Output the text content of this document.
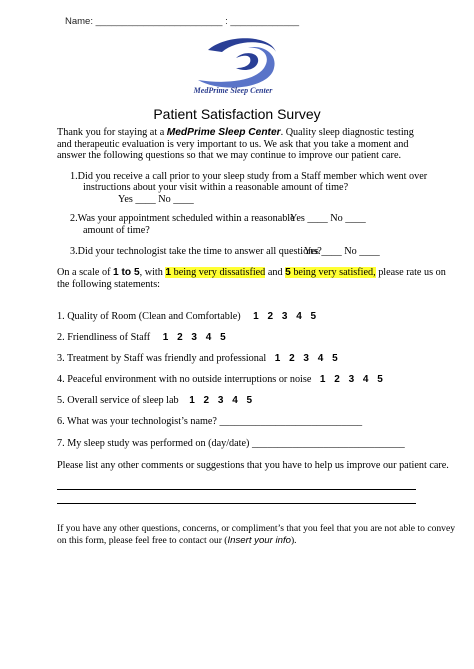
Name: ________________________ : _____________
MedPrime Sleep Center
Patient Satisfaction Survey
Thank you for staying at a MedPrime Sleep Center. Quality sleep diagnostic testing and therapeutic evaluation is very important to us. We ask that you take a moment and answer the following questions so that we may continue to improve our patient care.
1.Did you receive a call prior to your sleep study from a Staff member which went over
instructions about your visit within a reasonable amount of time?
Yes ____ No ____
2.Was your appointment scheduled within a reasonable
Yes ____ No ____
amount of time?
3.Did your technologist take the time to answer all questions?
Yes ____ No ____
On a scale of 1 to 5, with 1 being very dissatisfied and 5 being very satisfied, please rate us on
the following statements:
1. Quality of Room (Clean and Comfortable) 1 2 3 4 5
2. Friendliness of Staff 1 2 3 4 5
3. Treatment by Staff was friendly and professional 1 2 3 4 5
4. Peaceful environment with no outside interruptions or noise 1 2 3 4 5
5. Overall service of sleep lab 1 2 3 4 5
6. What was your technologist’s name? ____________________________
7. My sleep study was performed on (day/date) ______________________________
Please list any other comments or suggestions that you have to help us improve our patient care.
If you have any other questions, concerns, or compliment’s that you feel that you are not able to convey
on this form, please feel free to contact our (Insert your info).
